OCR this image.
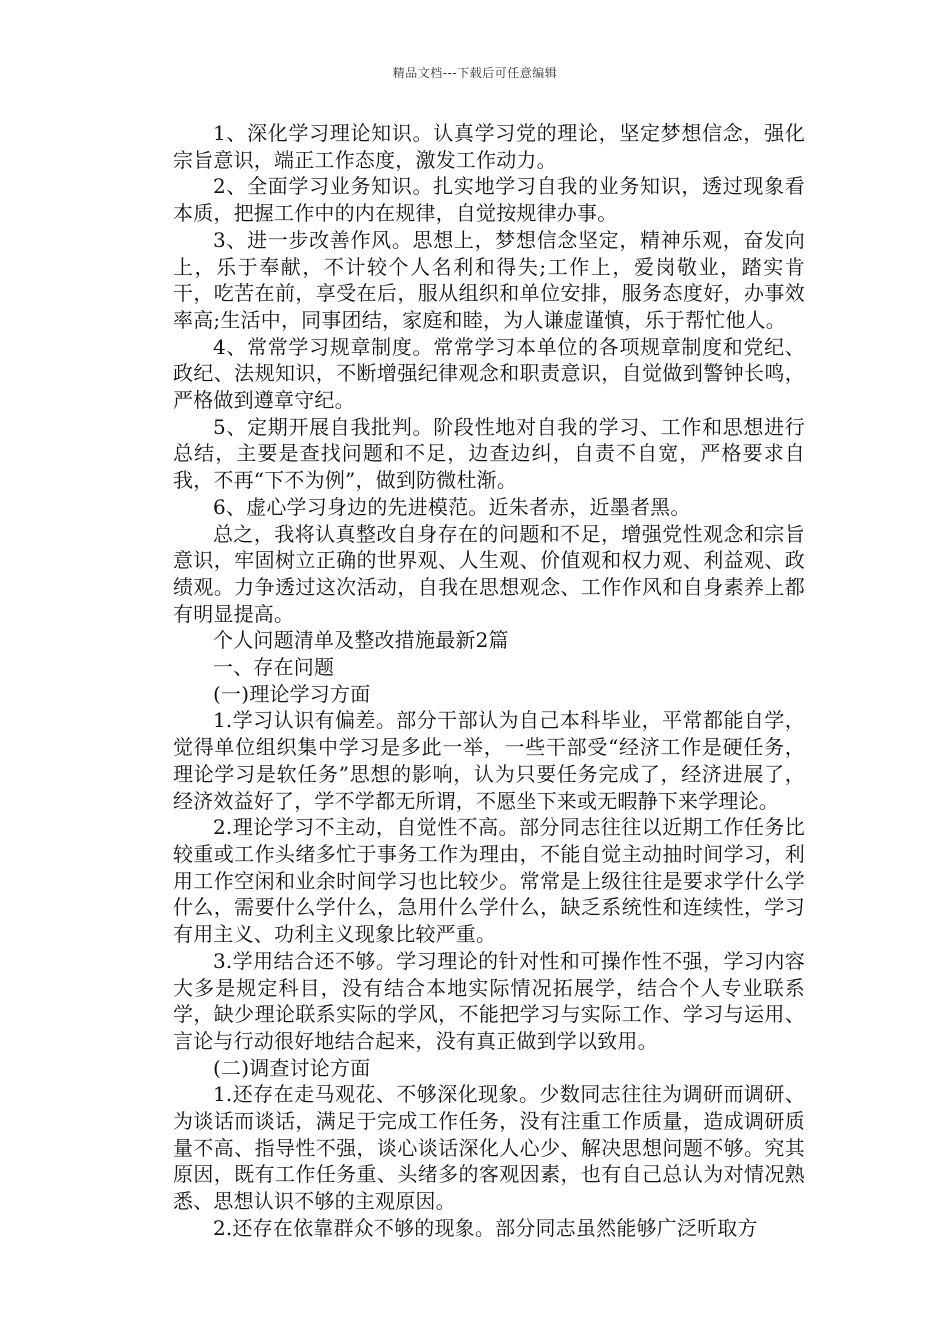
精品文档---下载后可任意编辑

1、深化学习理论知识。认真学习党的理论，坚定梦想信念，强化宗旨意识，端正工作态度，激发工作动力。

2、全面学习业务知识。扎实地学习自我的业务知识，透过现象看本质，把握工作中的内在规律，自觉按规律办事。

3、进一步改善作风。思想上，梦想信念坚定，精神乐观，奋发向上，乐于奉献，不计较个人名利和得失;工作上，爱岗敬业，踏实肯干，吃苦在前，享受在后，服从组织和单位安排，服务态度好，办事效率高;生活中，同事团结，家庭和睦，为人谦虚谨慎，乐于帮忙他人。

4、常常学习规章制度。常常学习本单位的各项规章制度和党纪、政纪、法规知识，不断增强纪律观念和职责意识，自觉做到警钟长鸣，严格做到遵章守纪。

5、定期开展自我批判。阶段性地对自我的学习、工作和思想进行总结，主要是查找问题和不足，边查边纠，自责不自宽，严格要求自我，不再“下不为例”，做到防微杜渐。

6、虚心学习身边的先进模范。近朱者赤，近墨者黑。

总之，我将认真整改自身存在的问题和不足，增强党性观念和宗旨意识，牢固树立正确的世界观、人生观、价值观和权力观、利益观、政绩观。力争透过这次活动，自我在思想观念、工作作风和自身素养上都有明显提高。

个人问题清单及整改措施最新2篇

一、存在问题

(一)理论学习方面

1.学习认识有偏差。部分干部认为自己本科毕业，平常都能自学，觉得单位组织集中学习是多此一举，一些干部受“经济工作是硬任务，理论学习是软任务”思想的影响，认为只要任务完成了，经济进展了，经济效益好了，学不学都无所谓，不愿坐下来或无暇静下来学理论。

2.理论学习不主动，自觉性不高。部分同志往往以近期工作任务比较重或工作头绪多忙于事务工作为理由，不能自觉主动抽时间学习，利用工作空闲和业余时间学习也比较少。常常是上级往往是要求学什么学什么，需要什么学什么，急用什么学什么，缺乏系统性和连续性，学习有用主义、功利主义现象比较严重。

3.学用结合还不够。学习理论的针对性和可操作性不强，学习内容大多是规定科目，没有结合本地实际情况拓展学，结合个人专业联系学，缺少理论联系实际的学风，不能把学习与实际工作、学习与运用、言论与行动很好地结合起来，没有真正做到学以致用。

(二)调查讨论方面

1.还存在走马观花、不够深化现象。少数同志往往为调研而调研、为谈话而谈话，满足于完成工作任务，没有注重工作质量，造成调研质量不高、指导性不强，谈心谈话深化人心少、解决思想问题不够。究其原因，既有工作任务重、头绪多的客观因素，也有自己总认为对情况熟悉、思想认识不够的主观原因。

2.还存在依靠群众不够的现象。部分同志虽然能够广泛听取方
